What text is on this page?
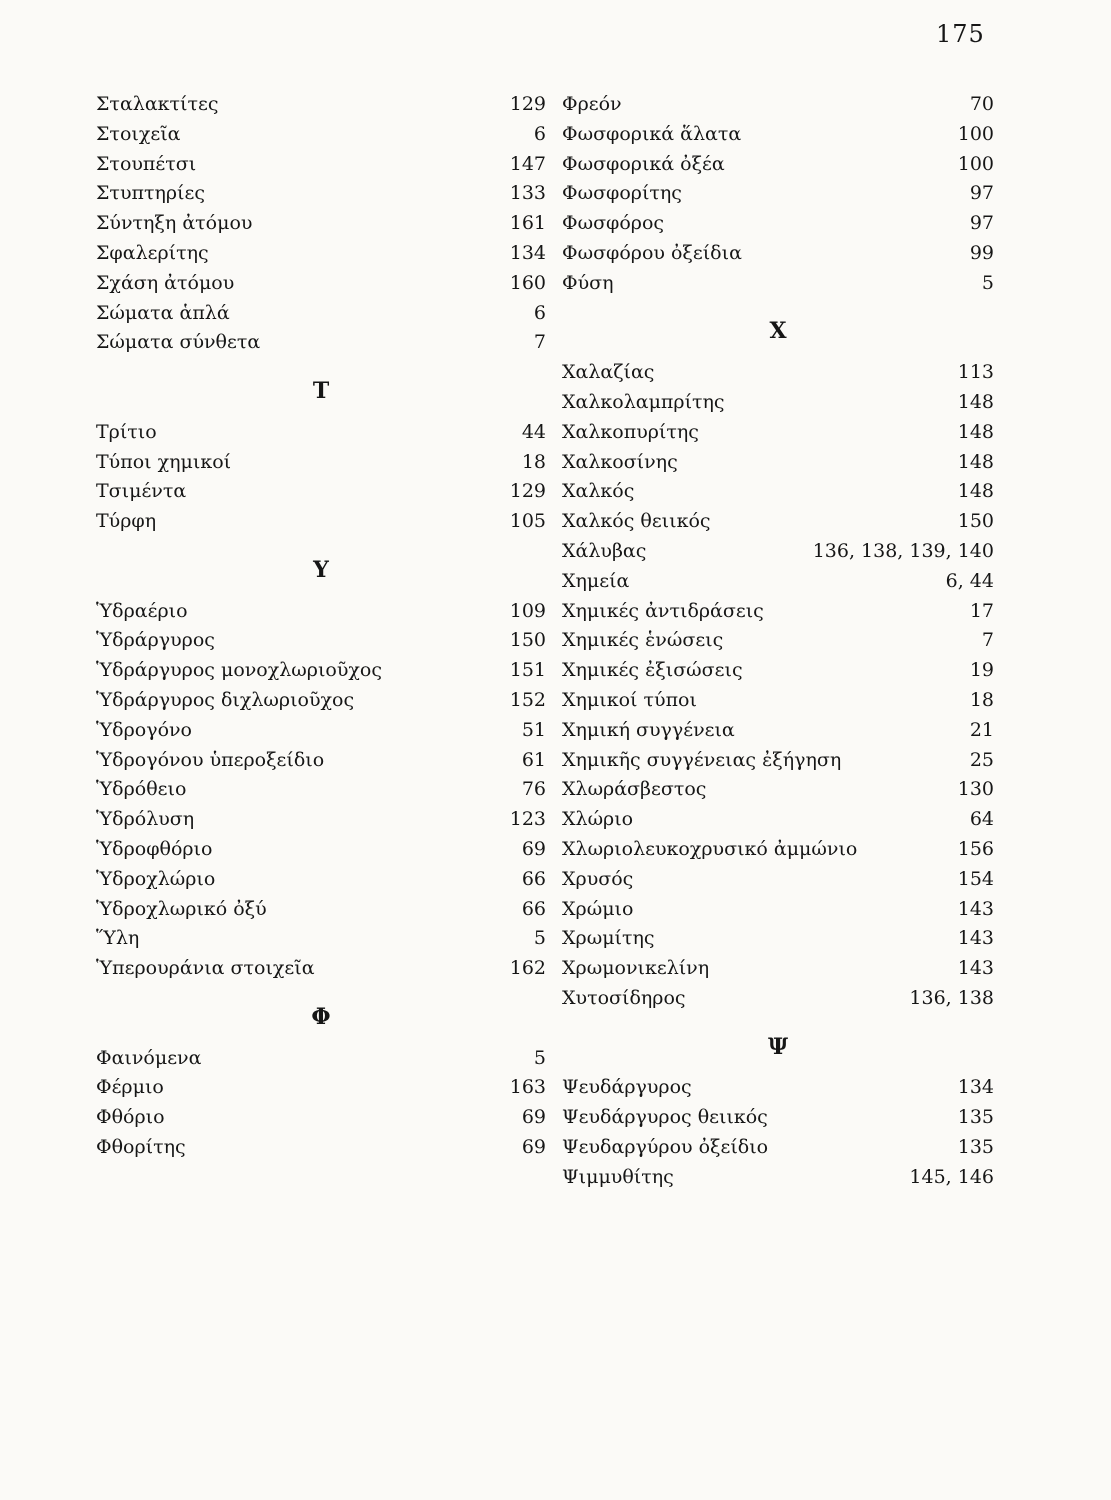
175
Σταλακτίτες	129
Στοιχεῖα	6
Στουπέτσι	147
Στυπτηρίες	133
Σύντηξη ἀτόμου	161
Σφαλερίτης	134
Σχάση ἀτόμου	160
Σώματα ἁπλά	6
Σώματα σύνθετα	7
Τ
Τρίτιο	44
Τύποι χημικοί	18
Τσιμέντα	129
Τύρφη	105
Υ
Ὑδραέριο	109
Ὑδράργυρος	150
Ὑδράργυρος μονοχλωριοῦχος	151
Ὑδράργυρος διχλωριοῦχος	152
Ὑδρογόνο	51
Ὑδρογόνου ὑπεροξείδιο	61
Ὑδρόθειο	76
Ὑδρόλυση	123
Ὑδροφθόριο	69
Ὑδροχλώριο	66
Ὑδροχλωρικό ὀξύ	66
Ὕλη	5
Ὑπερουράνια στοιχεῖα	162
Φ
Φαινόμενα	5
Φέρμιο	163
Φθόριο	69
Φθορίτης	69
Φρεόν	70
Φωσφορικά ἅλατα	100
Φωσφορικά ὀξέα	100
Φωσφορίτης	97
Φωσφόρος	97
Φωσφόρου ὀξείδια	99
Φύση	5
Χ
Χαλαζίας	113
Χαλκολαμπρίτης	148
Χαλκοπυρίτης	148
Χαλκοσίνης	148
Χαλκός	148
Χαλκός θειικός	150
Χάλυβας	136, 138, 139, 140
Χημεία	6, 44
Χημικές ἀντιδράσεις	17
Χημικές ἑνώσεις	7
Χημικές ἐξισώσεις	19
Χημικοί τύποι	18
Χημική συγγένεια	21
Χημικῆς συγγένειας ἐξήγηση	25
Χλωράσβεστος	130
Χλώριο	64
Χλωριολευκοχρυσικό ἀμμώνιο	156
Χρυσός	154
Χρώμιο	143
Χρωμίτης	143
Χρωμονικελίνη	143
Χυτοσίδηρος	136, 138
Ψ
Ψευδάργυρος	134
Ψευδάργυρος θειικός	135
Ψευδαργύρου ὀξείδιο	135
Ψιμμυθίτης	145, 146
